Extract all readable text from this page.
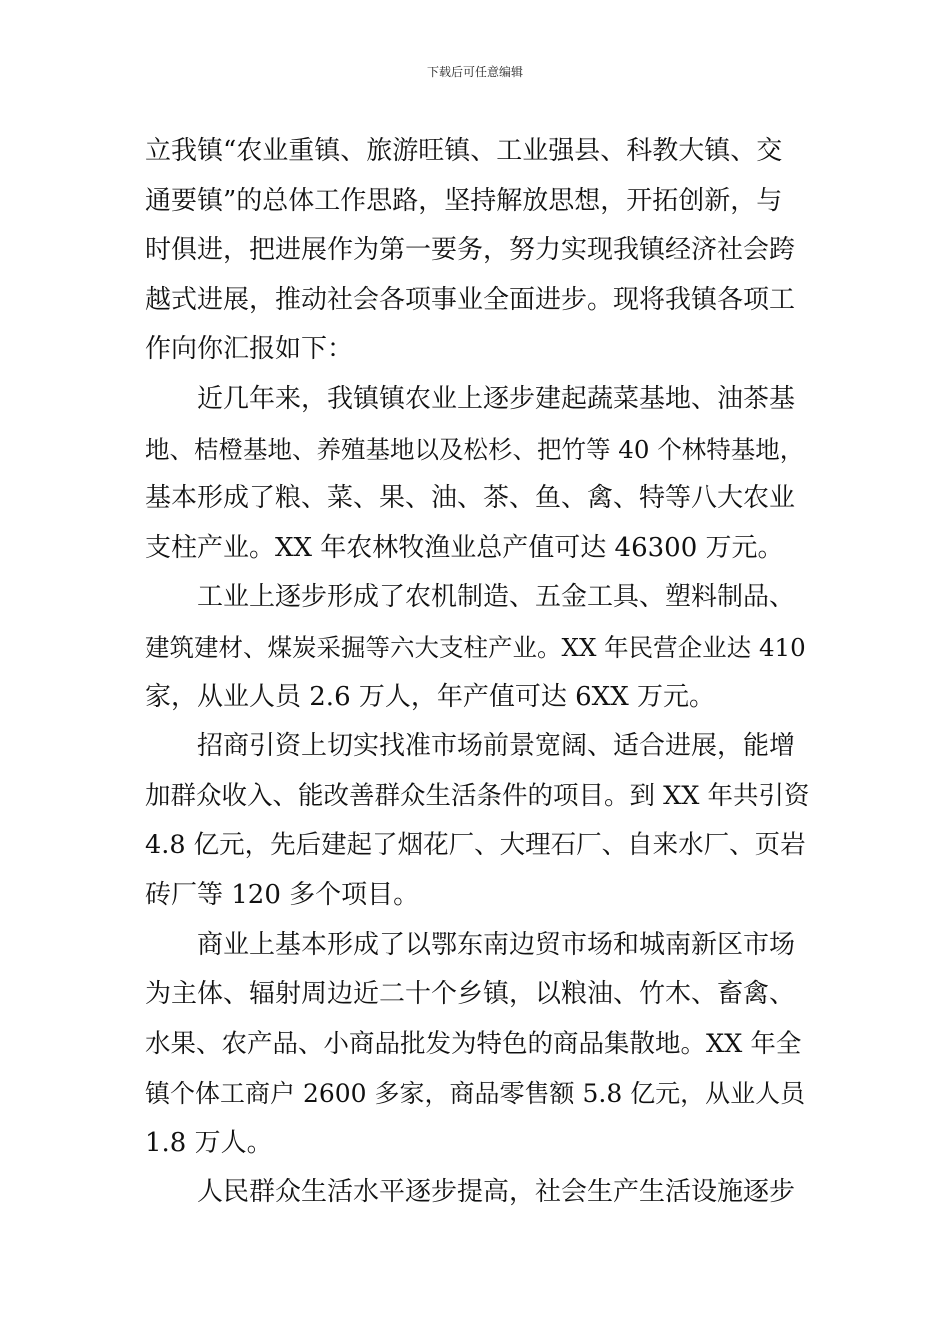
下载后可任意编辑
立我镇“农业重镇、旅游旺镇、工业强县、科教大镇、交
通要镇”的总体工作思路，坚持解放思想，开拓创新，与
时俱进，把进展作为第一要务，努力实现我镇经济社会跨
越式进展，推动社会各项事业全面进步。现将我镇各项工
作向你汇报如下：
近几年来，我镇镇农业上逐步建起蔬菜基地、油茶基
地、桔橙基地、养殖基地以及松杉、把竹等 40 个林特基地，
基本形成了粮、菜、果、油、茶、鱼、禽、特等八大农业
支柱产业。XX 年农林牧渔业总产值可达 46300 万元。
工业上逐步形成了农机制造、五金工具、塑料制品、
建筑建材、煤炭采掘等六大支柱产业。XX 年民营企业达 410
家，从业人员 2.6 万人，年产值可达 6XX 万元。
招商引资上切实找准市场前景宽阔、适合进展，能增
加群众收入、能改善群众生活条件的项目。到 XX 年共引资
4.8 亿元，先后建起了烟花厂、大理石厂、自来水厂、页岩
砖厂等 120 多个项目。
商业上基本形成了以鄂东南边贸市场和城南新区市场
为主体、辐射周边近二十个乡镇，以粮油、竹木、畜禽、
水果、农产品、小商品批发为特色的商品集散地。XX 年全
镇个体工商户 2600 多家，商品零售额 5.8 亿元，从业人员
1.8 万人。
人民群众生活水平逐步提高，社会生产生活设施逐步
